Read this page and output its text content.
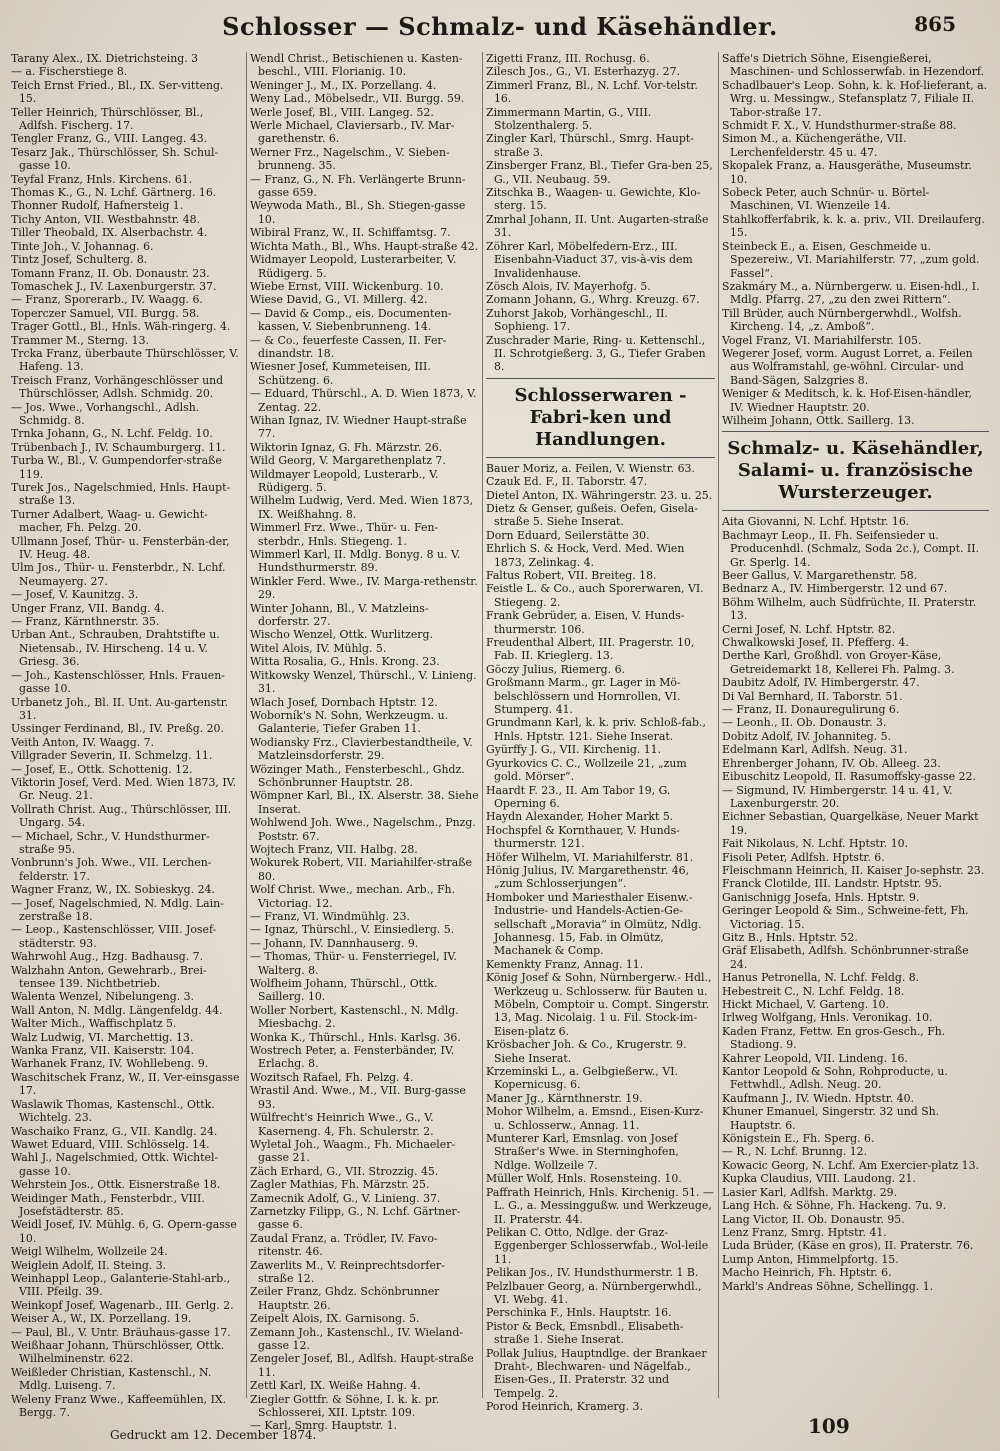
Schlosser — Schmalz- und Käsehändler.	865

Tarany Alex., IX. Dietrichsteing. 3

— a. Fischerstiege 8.

Teich Ernst Fried., Bl., IX. Ser-vitteng. 15.

Teller Heinrich, Thürschlösser, Bl., Adlfsh. Fischerg. 17.

Tengler Franz, G., VIII. Langeg. 43.

Tesarz Jak., Thürschlösser, Sh. Schul-gasse 10.

Teyfal Franz, Hnls. Kirchens. 61.

Thomas K., G., N. Lchf. Gärtnerg. 16.

Thonner Rudolf, Hafnersteig 1.

Tichy Anton, VII. Westbahnstr. 48.

Tiller Theobald, IX. Alserbachstr. 4.

Tinte Joh., V. Johannag. 6.

Tintz Josef, Schulterg. 8.

Tomann Franz, II. Ob. Donaustr. 23.

Tomaschek J., IV. Laxenburgerstr. 37.

— Franz, Sporerarb., IV. Waagg. 6.

Toperczer Samuel, VII. Burgg. 58.

Trager Gottl., Bl., Hnls. Wäh-ringerg. 4.

Trammer M., Sterng. 13.

Trcka Franz, überbaute Thürschlösser, V. Hafeng. 13.

Treisch Franz, Vorhängeschlösser und Thürschlösser, Adlsh. Schmidg. 20.

— Jos. Wwe., Vorhangschl., Adlsh. Schmidg. 8.

Trnka Johann, G., N. Lchf. Feldg. 10.

Trübenbach J., IV. Schaumburgerg. 11.

Turba W., Bl., V. Gumpendorfer-straße 119.

Turek Jos., Nagelschmied, Hnls. Haupt-straße 13.

Turner Adalbert, Waag- u. Gewicht-macher, Fh. Pelzg. 20.

Ullmann Josef, Thür- u. Fensterbän-der, IV. Heug. 48.

Ulm Jos., Thür- u. Fensterbdr., N. Lchf. Neumayerg. 27.

— Josef, V. Kaunitzg. 3.

Unger Franz, VII. Bandg. 4.

— Franz, Kärnthnerstr. 35.

Urban Ant., Schrauben, Drahtstifte u. Nietensab., IV. Hirscheng. 14 u. V. Griesg. 36.

— Joh., Kastenschlösser, Hnls. Frauen-gasse 10.

Urbanetz Joh., Bl. II. Unt. Au-gartenstr. 31.

Ussinger Ferdinand, Bl., IV. Preßg. 20.

Veith Anton, IV. Waagg. 7.

Villgrader Severin, II. Schmelzg. 11.

— Josef, E., Ottk. Schottenig. 12.

Viktorin Josef, Verd. Med. Wien 1873, IV. Gr. Neug. 21.

Vollrath Christ. Aug., Thürschlösser, III. Ungarg. 54.

— Michael, Schr., V. Hundsthurmer-straße 95.

Vonbrunn's Joh. Wwe., VII. Lerchen-felderstr. 17.

Wagner Franz, W., IX. Sobieskyg. 24.

— Josef, Nagelschmied, N. Mdlg. Lain-zerstraße 18.

— Leop., Kastenschlösser, VIII. Josef-städterstr. 93.

Wahrwohl Aug., Hzg. Badhausg. 7.

Walzhahn Anton, Gewehrarb., Brei-tensee 139. Nichtbetrieb.

Walenta Wenzel, Nibelungeng. 3.

Wall Anton, N. Mdlg. Längenfeldg. 44.

Walter Mich., Waffischplatz 5.

Walz Ludwig, VI. Marchettig. 13.

Wanka Franz, VII. Kaiserstr. 104.

Warhanek Franz, IV. Wohllebeng. 9.

Waschitschek Franz, W., II. Ver-einsgasse 17.

Waslawik Thomas, Kastenschl., Ottk. Wichtelg. 23.

Waschaiko Franz, G., VII. Kandlg. 24.

Wawet Eduard, VIII. Schlösselg. 14.

Wahl J., Nagelschmied, Ottk. Wichtel-gasse 10.

Wehrstein Jos., Ottk. Eisnerstraße 18.

Weidinger Math., Fensterbdr., VIII. Josefstädterstr. 85.

Weidl Josef, IV. Mühlg. 6, G. Opern-gasse 10.

Weigl Wilhelm, Wollzeile 24.

Weiglein Adolf, II. Steing. 3.

Weinhappl Leop., Galanterie-Stahl-arb., VIII. Pfeilg. 39.

Weinkopf Josef, Wagenarb., III. Gerlg. 2.

Weiser A., W., IX. Porzellang. 19.

— Paul, Bl., V. Untr. Bräuhaus-gasse 17.

Weißhaar Johann, Thürschlösser, Ottk. Wilhelminenstr. 622.

Weißleder Christian, Kastenschl., N. Mdlg. Luiseng. 7.

Weleny Franz Wwe., Kaffeemühlen, IX. Bergg. 7.

Wendl Christ., Betischienen u. Kasten-beschl., VIII. Florianig. 10.

Weninger J., M., IX. Porzellang. 4.

Weny Lad., Möbelsedr., VII. Burgg. 59.

Werle Josef, Bl., VIII. Langeg. 52.

Werle Michael, Claviersarb., IV. Mar-garethenstr. 6.

Werner Frz., Nagelschm., V. Sieben-brunneng. 35.

— Franz, G., N. Fh. Verlängerte Brunn-gasse 659.

Weywoda Math., Bl., Sh. Stiegen-gasse 10.

Wibiral Franz, W., II. Schiffamtsg. 7.

Wichta Math., Bl., Whs. Haupt-straße 42.

Widmayer Leopold, Lusterarbeiter, V. Rüdigerg. 5.

Wiebe Ernst, VIII. Wickenburg. 10.

Wiese David, G., VI. Millerg. 42.

— David & Comp., eis. Documenten-kassen, V. Siebenbrunneng. 14.

— & Co., feuerfeste Cassen, II. Fer-dinandstr. 18.

Wiesner Josef, Kummeteisen, III. Schützeng. 6.

— Eduard, Thürschl., A. D. Wien 1873, V. Zentag. 22.

Wihan Ignaz, IV. Wiedner Haupt-straße 77.

Wiktorin Ignaz, G. Fh. Märzstr. 26.

Wild Georg, V. Margarethenplatz 7.

Wildmayer Leopold, Lusterarb., V. Rüdigerg. 5.

Wilhelm Ludwig, Verd. Med. Wien 1873, IX. Weißhahng. 8.

Wimmerl Frz. Wwe., Thür- u. Fen-sterbdr., Hnls. Stiegeng. 1.

Wimmerl Karl, II. Mdlg. Bonyg. 8 u. V. Hundsthurmerstr. 89.

Winkler Ferd. Wwe., IV. Marga-rethenstr. 29.

Winter Johann, Bl., V. Matzleins-dorferstr. 27.

Wischo Wenzel, Ottk. Wurlitzerg.

Witel Alois, IV. Mühlg. 5.

Witta Rosalia, G., Hnls. Krong. 23.

Witkowsky Wenzel, Thürschl., V. Linieng. 31.

Wlach Josef, Dornbach Hptstr. 12.

Woborník's N. Sohn, Werkzeugm. u. Galanterie, Tiefer Graben 11.

Wodiansky Frz., Clavierbestandtheile, V. Matzleinsdorferstr. 29.

Wözinger Math., Fensterbeschl., Ghdz. Schönbrunner Hauptstr. 28.

Wömpner Karl, Bl., IX. Alserstr. 38. Siehe Inserat.

Wohlwend Joh. Wwe., Nagelschm., Pnzg. Poststr. 67.

Wojtech Franz, VII. Halbg. 28.

Wokurek Robert, VII. Mariahilfer-straße 80.

Wolf Christ. Wwe., mechan. Arb., Fh. Victoriag. 12.

— Franz, VI. Windmühlg. 23.

— Ignaz, Thürschl., V. Einsiedlerg. 5.

— Johann, IV. Dannhauserg. 9.

— Thomas, Thür- u. Fensterriegel, IV. Walterg. 8.

Wolfheim Johann, Thürschl., Ottk. Saillerg. 10.

Woller Norbert, Kastenschl., N. Mdlg. Miesbachg. 2.

Wonka K., Thürschl., Hnls. Karlsg. 36.

Wostrech Peter, a. Fensterbänder, IV. Erlachg. 8.

Wozitsch Rafael, Fh. Pelzg. 4.

Wrastil And. Wwe., M., VII. Burg-gasse 93.

Wülfrecht's Heinrich Wwe., G., V. Kaserneng. 4, Fh. Schulerstr. 2.

Wyletal Joh., Waagm., Fh. Michaeler-gasse 21.

Zäch Erhard, G., VII. Strozzig. 45.

Zagler Mathias, Fh. Märzstr. 25.

Zamecnik Adolf, G., V. Linieng. 37.

Zarnetzky Filipp, G., N. Lchf. Gärtner-gasse 6.

Zaudal Franz, a. Trödler, IV. Favo-ritenstr. 46.

Zawerlits M., V. Reinprechtsdorfer-straße 12.

Zeiler Franz, Ghdz. Schönbrunner Hauptstr. 26.

Zeipelt Alois, IX. Garnisong. 5.

Zemann Joh., Kastenschl., IV. Wieland-gasse 12.

Zengeler Josef, Bl., Adlfsh. Haupt-straße 11.

Zettl Karl, IX. Weiße Hahng. 4.

Ziegler Gottfr. & Söhne, I. k. k. pr. Schlosserei, XII. Lptstr. 109.

— Karl, Smrg. Hauptstr. 1.

Zigetti Franz, III. Rochusg. 6.

Zilesch Jos., G., VI. Esterhazyg. 27.

Zimmerl Franz, Bl., N. Lchf. Vor-telstr. 16.

Zimmermann Martin, G., VIII. Stolzenthalerg. 5.

Zingler Karl, Thürschl., Smrg. Haupt-straße 3.

Zinsberger Franz, Bl., Tiefer Gra-ben 25, G., VII. Neubaug. 59.

Zitschka B., Waagen- u. Gewichte, Klo-sterg. 15.

Zmrhal Johann, II. Unt. Augarten-straße 31.

Zöhrer Karl, Möbelfedern-Erz., III. Eisenbahn-Viaduct 37, vis-à-vis dem Invalidenhause.

Zösch Alois, IV. Mayerhofg. 5.

Zomann Johann, G., Whrg. Kreuzg. 67.

Zuhorst Jakob, Vorhängeschl., II. Sophieng. 17.

Zuschrader Marie, Ring- u. Kettenschl., II. Schrotgießerg. 3, G., Tiefer Graben 8.

Schlosserwaren - Fabri-ken und Handlungen.

Bauer Moriz, a. Feilen, V. Wienstr. 63.

Czauk Ed. F., II. Taborstr. 47.

Dietel Anton, IX. Währingerstr. 23. u. 25.

Dietz & Genser, gußeis. Oefen, Gisela-straße 5. Siehe Inserat.

Dorn Eduard, Seilerstätte 30.

Ehrlich S. & Hock, Verd. Med. Wien 1873, Zelinkag. 4.

Faltus Robert, VII. Breiteg. 18.

Feistle L. & Co., auch Sporerwaren, VI. Stiegeng. 2.

Frank Gebrüder, a. Eisen, V. Hunds-thurmerstr. 106.

Freudenthal Albert, III. Pragerstr. 10, Fab. II. Krieglerg. 13.

Göczy Julius, Riemerg. 6.

Großmann Marm., gr. Lager in Mö-belschlössern und Hornrollen, VI. Stumperg. 41.

Grundmann Karl, k. k. priv. Schloß-fab., Hnls. Hptstr. 121. Siehe Inserat.

Gyürffy J. G., VII. Kirchenig. 11.

Gyurkovics C. C., Wollzeile 21, „zum gold. Mörser“.

Haardt F. 23., II. Am Tabor 19, G. Operning 6.

Haydn Alexander, Hoher Markt 5.

Hochspfel & Kornthauer, V. Hunds-thurmerstr. 121.

Höfer Wilhelm, VI. Mariahilferstr. 81.

Hönig Julius, IV. Margarethenstr. 46, „zum Schlosserjungen“.

Homboker und Mariesthaler Eisenw.- Industrie- und Handels-Actien-Ge-sellschaft „Moravia“ in Olmütz, Ndlg. Johannesg. 15, Fab. in Olmütz, Machanek & Comp.

Kemenkty Franz, Annag. 11.

König Josef & Sohn, Nürnbergerw.- Hdl., Werkzeug u. Schlosserw. für Bauten u. Möbeln, Comptoir u. Compt. Singerstr. 13, Mag. Nicolaig. 1 u. Fil. Stock-im-Eisen-platz 6.

Krösbacher Joh. & Co., Krugerstr. 9. Siehe Inserat.

Krzeminski L., a. Gelbgießerw., VI. Kopernicusg. 6.

Maner Jg., Kärnthnerstr. 19.

Mohor Wilhelm, a. Emsnd., Eisen-Kurz- u. Schlosserw., Annag. 11.

Munterer Karl, Emsnlag. von Josef Straßer's Wwe. in Sterninghofen, Ndlge. Wollzeile 7.

Müller Wolf, Hnls. Rosensteing. 10.

Paffrath Heinrich, Hnls. Kirchenig. 51. — L. G., a. Messinggußw. und Werkzeuge, II. Praterstr. 44.

Pelikan C. Otto, Ndlge. der Graz-Eggenberger Schlosserwfab., Wol-leile 11.

Pelikan Jos., IV. Hundsthurmerstr. 1 B.

Pelzlbauer Georg, a. Nürnbergerwhdl., VI. Webg. 41.

Perschinka F., Hnls. Hauptstr. 16.

Pistor & Beck, Emsnbdl., Elisabeth-straße 1. Siehe Inserat.

Pollak Julius, Hauptndlge. der Brankaer Draht-, Blechwaren- und Nägelfab., Eisen-Ges., II. Praterstr. 32 und Tempelg. 2.

Porod Heinrich, Kramerg. 3.

Saffe's Dietrich Söhne, Eisengießerei, Maschinen- und Schlosserwfab. in Hezendorf.

Schadlbauer's Leop. Sohn, k. k. Hof-lieferant, a. Wrg. u. Messingw., Stefansplatz 7, Filiale II. Tabor-straße 17.

Schmidt F. X., V. Hundsthurmer-straße 88.

Simon M., a. Küchengeräthe, VII. Lerchenfelderstr. 45 u. 47.

Skopalek Franz, a. Hausgeräthe, Museumstr. 10.

Sobeck Peter, auch Schnür- u. Börtel-Maschinen, VI. Wienzeile 14.

Stahlkofferfabrik, k. k. a. priv., VII. Dreilauferg. 15.

Steinbeck E., a. Eisen, Geschmeide u. Spezereiw., VI. Mariahilferstr. 77, „zum gold. Fassel“.

Szakmáry M., a. Nürnbergerw. u. Eisen-hdl., I. Mdlg. Pfarrg. 27, „zu den zwei Rittern“.

Till Brüder, auch Nürnbergerwhdl., Wolfsh. Kircheng. 14, „z. Amboß“.

Vogel Franz, VI. Mariahilferstr. 105.

Wegerer Josef, vorm. August Lorret, a. Feilen aus Wolframstahl, ge-wöhnl. Circular- und Band-Sägen, Salzgries 8.

Weniger & Meditsch, k. k. Hof-Eisen-händler, IV. Wiedner Hauptstr. 20.

Wilheim Johann, Ottk. Saillerg. 13.

Schmalz- u. Käsehändler, Salami- u. französische Wursterzeuger.

Aita Giovanni, N. Lchf. Hptstr. 16.

Bachmayr Leop., II. Fh. Seifensieder u. Producenhdl. (Schmalz, Soda 2c.), Compt. II. Gr. Sperlg. 14.

Beer Gallus, V. Margarethenstr. 58.

Bednarz A., IV. Himbergerstr. 12 und 67.

Böhm Wilhelm, auch Südfrüchte, II. Praterstr. 13.

Cerni Josef, N. Lchf. Hptstr. 82.

Chwalkowski Josef, II. Pfefferg. 4.

Derthe Karl, Großhdl. von Groyer-Käse, Getreidemarkt 18, Kellerei Fh. Palmg. 3.

Daubitz Adolf, IV. Himbergerstr. 47.

Di Val Bernhard, II. Taborstr. 51.

— Franz, II. Donauregulirung 6.

— Leonh., II. Ob. Donaustr. 3.

Dobitz Adolf, IV. Johanniteg. 5.

Edelmann Karl, Adlfsh. Neug. 31.

Ehrenberger Johann, IV. Ob. Alleeg. 23.

Eibuschitz Leopold, II. Rasumoffsky-gasse 22.

— Sigmund, IV. Himbergerstr. 14 u. 41, V. Laxenburgerstr. 20.

Eichner Sebastian, Quargelkäse, Neuer Markt 19.

Fait Nikolaus, N. Lchf. Hptstr. 10.

Fisoli Peter, Adlfsh. Hptstr. 6.

Fleischmann Heinrich, II. Kaiser Jo-sephstr. 23.

Franck Clotilde, III. Landstr. Hptstr. 95.

Ganischnigg Josefa, Hnls. Hptstr. 9.

Geringer Leopold & Sim., Schweine-fett, Fh. Victoriag. 15.

Gitz B., Hnls. Hptstr. 52.

Gräf Elisabeth, Adlfsh. Schönbrunner-straße 24.

Hanus Petronella, N. Lchf. Feldg. 8.

Hebestreit C., N. Lchf. Feldg. 18.

Hickt Michael, V. Garteng. 10.

Irlweg Wolfgang, Hnls. Veronikag. 10.

Kaden Franz, Fettw. En gros-Gesch., Fh. Stadiong. 9.

Kahrer Leopold, VII. Lindeng. 16.

Kantor Leopold & Sohn, Rohproducte, u. Fettwhdl., Adlsh. Neug. 20.

Kaufmann J., IV. Wiedn. Hptstr. 40.

Khuner Emanuel, Singerstr. 32 und Sh. Hauptstr. 6.

Königstein E., Fh. Sperg. 6.

— R., N. Lchf. Brunng. 12.

Kowacic Georg, N. Lchf. Am Exercier-platz 13.

Kupka Claudius, VIII. Laudong. 21.

Lasier Karl, Adlfsh. Marktg. 29.

Lang Hch. & Söhne, Fh. Hackeng. 7u. 9.

Lang Victor, II. Ob. Donaustr. 95.

Lenz Franz, Smrg. Hptstr. 41.

Luda Brüder, (Käse en gros), II. Praterstr. 76.

Lump Anton, Himmelpfortg. 15.

Macho Heinrich, Fh. Hptstr. 6.

Markl's Andreas Söhne, Schellingg. 1.

Gedruckt am 12. December 1874.	109
